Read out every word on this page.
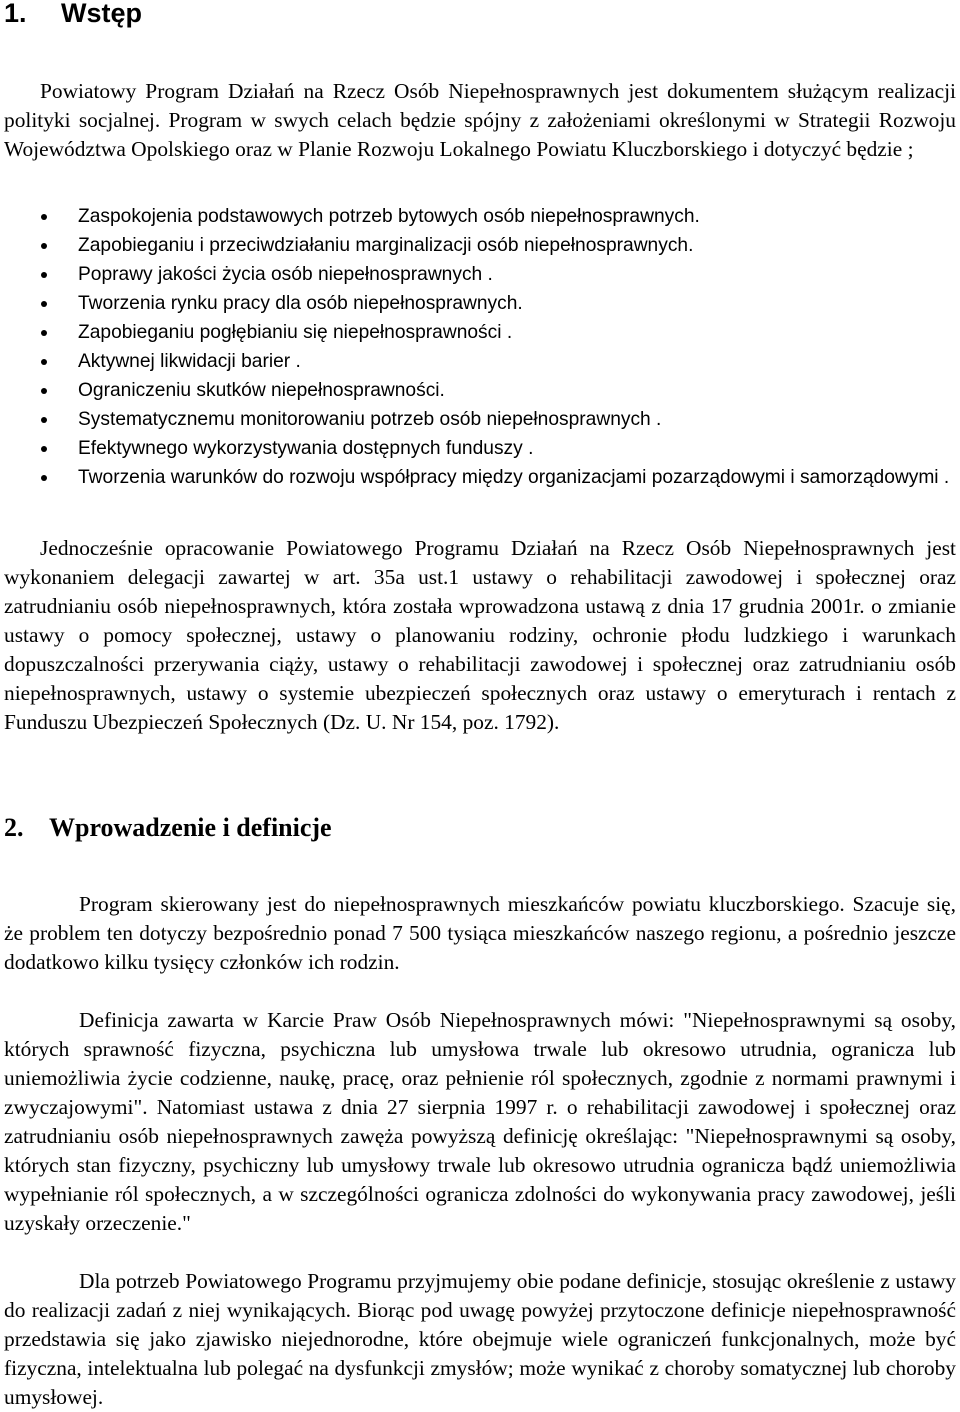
1. Wstęp

Powiatowy Program Działań na Rzecz Osób Niepełnosprawnych jest dokumentem służącym realizacji polityki socjalnej. Program w swych celach będzie spójny z założeniami określonymi w Strategii Rozwoju Województwa Opolskiego oraz w Planie Rozwoju Lokalnego Powiatu Kluczborskiego i dotyczyć będzie ;

Zaspokojenia podstawowych potrzeb bytowych osób niepełnosprawnych.
Zapobieganiu i przeciwdziałaniu marginalizacji osób niepełnosprawnych.
Poprawy jakości życia osób niepełnosprawnych .
Tworzenia rynku pracy dla osób niepełnosprawnych.
Zapobieganiu pogłębianiu się niepełnosprawności .
Aktywnej likwidacji barier .
Ograniczeniu skutków niepełnosprawności.
Systematycznemu monitorowaniu potrzeb osób niepełnosprawnych .
Efektywnego wykorzystywania dostępnych funduszy .
Tworzenia warunków do rozwoju współpracy między organizacjami pozarządowymi i samorządowymi .

Jednocześnie opracowanie Powiatowego Programu Działań na Rzecz Osób Niepełnosprawnych jest wykonaniem delegacji zawartej w art. 35a ust.1 ustawy o rehabilitacji zawodowej i społecznej oraz zatrudnianiu osób niepełnosprawnych, która została wprowadzona ustawą z dnia 17 grudnia 2001r. o zmianie ustawy o pomocy społecznej, ustawy o planowaniu rodziny, ochronie płodu ludzkiego i warunkach dopuszczalności przerywania ciąży, ustawy o rehabilitacji zawodowej i społecznej oraz zatrudnianiu osób niepełnosprawnych, ustawy o systemie ubezpieczeń społecznych oraz ustawy o emeryturach i rentach z Funduszu Ubezpieczeń Społecznych (Dz. U. Nr 154, poz. 1792).

2. Wprowadzenie i definicje

Program skierowany jest do niepełnosprawnych mieszkańców powiatu kluczborskiego. Szacuje się, że problem ten dotyczy bezpośrednio ponad 7 500 tysiąca mieszkańców naszego regionu, a pośrednio jeszcze dodatkowo kilku tysięcy członków ich rodzin.

Definicja zawarta w Karcie Praw Osób Niepełnosprawnych mówi: "Niepełnosprawnymi są osoby, których sprawność fizyczna, psychiczna lub umysłowa trwale lub okresowo utrudnia, ogranicza lub uniemożliwia życie codzienne, naukę, pracę, oraz pełnienie ról społecznych, zgodnie z normami prawnymi i zwyczajowymi". Natomiast ustawa z dnia 27 sierpnia 1997 r. o rehabilitacji zawodowej i społecznej oraz zatrudnianiu osób niepełnosprawnych zawęża powyższą definicję określając: "Niepełnosprawnymi są osoby, których stan fizyczny, psychiczny lub umysłowy trwale lub okresowo utrudnia ogranicza bądź uniemożliwia wypełnianie ról społecznych, a w szczególności ogranicza zdolności do wykonywania pracy zawodowej, jeśli uzyskały orzeczenie."

Dla potrzeb Powiatowego Programu przyjmujemy obie podane definicje, stosując określenie z ustawy do realizacji zadań z niej wynikających. Biorąc pod uwagę powyżej przytoczone definicje niepełnosprawność przedstawia się jako zjawisko niejednorodne, które obejmuje wiele ograniczeń funkcjonalnych, może być fizyczna, intelektualna lub polegać na dysfunkcji zmysłów; może wynikać z choroby somatycznej lub choroby umysłowej.
